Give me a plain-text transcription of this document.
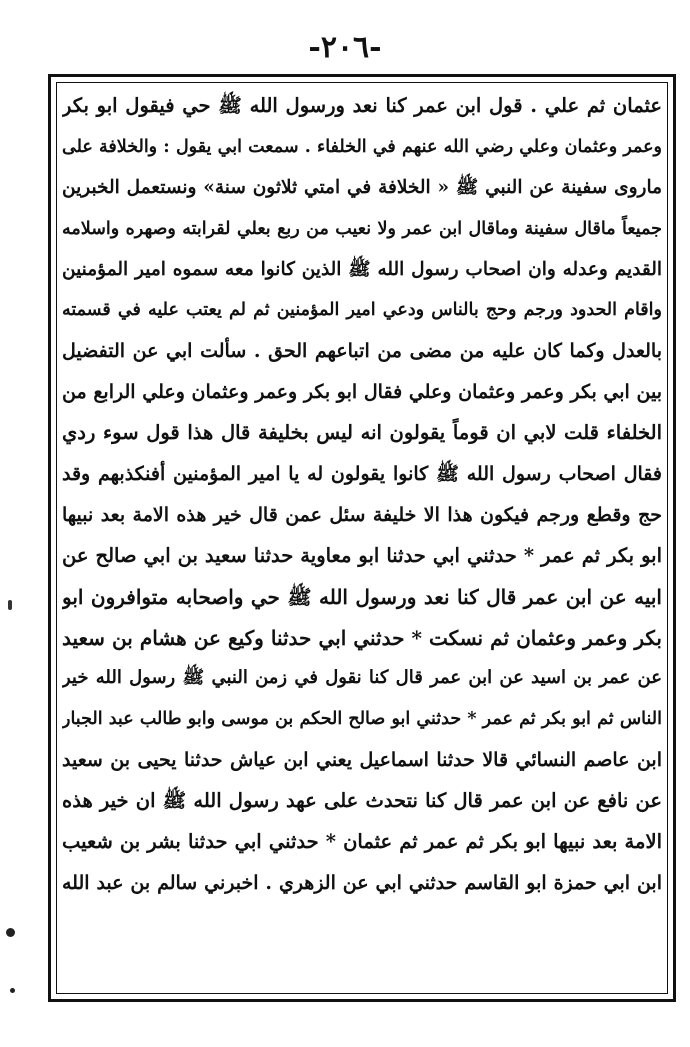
-٢٠٦-
عثمان ثم علي . قول ابن عمر كنا نعد ورسول الله ﷺ حي فيقول ابو بكر
وعمر وعثمان وعلي رضي الله عنهم في الخلفاء . سمعت ابي يقول : والخلافة على
ماروى سفينة عن النبي ﷺ « الخلافة في امتي ثلاثون سنة» ونستعمل الخبرين
جميعاً ماقال سفينة وماقال ابن عمر ولا نعيب من ربع بعلي لقرابته وصهره واسلامه
القديم وعدله وان اصحاب رسول الله ﷺ الذين كانوا معه سموه امير المؤمنين
واقام الحدود ورجم وحج بالناس ودعي امير المؤمنين ثم لم يعتب عليه في قسمته
بالعدل وكما كان عليه من مضى من اتباعهم الحق . سألت ابي عن التفضيل
بين ابي بكر وعمر وعثمان وعلي فقال ابو بكر وعمر وعثمان وعلي الرابع من
الخلفاء قلت لابي ان قوماً يقولون انه ليس بخليفة قال هذا قول سوء ردي
فقال اصحاب رسول الله ﷺ كانوا يقولون له يا امير المؤمنين أفنكذبهم وقد
حج وقطع ورجم فيكون هذا الا خليفة سئل عمن قال خير هذه الامة بعد نبيها
ابو بكر ثم عمر * حدثني ابي حدثنا ابو معاوية حدثنا سعيد بن ابي صالح عن
ابيه عن ابن عمر قال كنا نعد ورسول الله ﷺ حي واصحابه متوافرون ابو
بكر وعمر وعثمان ثم نسكت * حدثني ابي حدثنا وكيع عن هشام بن سعيد
عن عمر بن اسيد عن ابن عمر قال كنا نقول في زمن النبي ﷺ رسول الله خير
الناس ثم ابو بكر ثم عمر * حدثني ابو صالح الحكم بن موسى وابو طالب عبد الجبار
ابن عاصم النسائي قالا حدثنا اسماعيل يعني ابن عياش حدثنا يحيى بن سعيد
عن نافع عن ابن عمر قال كنا نتحدث على عهد رسول الله ﷺ ان خير هذه
الامة بعد نبيها ابو بكر ثم عمر ثم عثمان * حدثني ابي حدثنا بشر بن شعيب
ابن ابي حمزة ابو القاسم حدثني ابي عن الزهري . اخبرني سالم بن عبد الله
